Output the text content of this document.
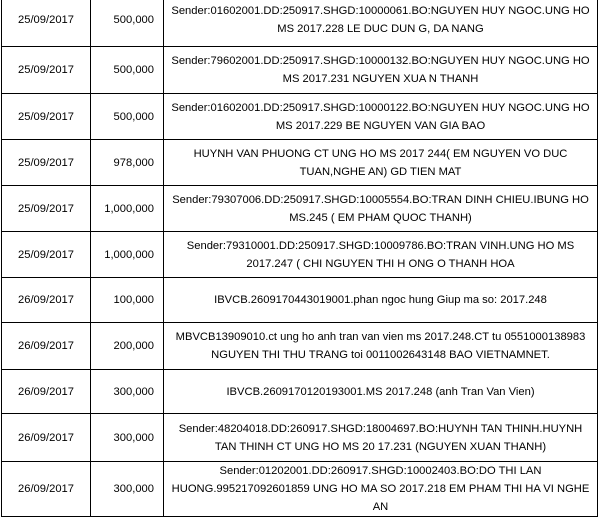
25/09/2017	500,000	Sender:01602001.DD:250917.SHGD:10000061.BO:NGUYEN HUY NGOC.UNG HO MS 2017.228 LE DUC DUN G, DA NANG
25/09/2017	500,000	Sender:79602001.DD:250917.SHGD:10000132.BO:NGUYEN HUY NGOC.UNG HO MS 2017.231 NGUYEN XUA N THANH
25/09/2017	500,000	Sender:01602001.DD:250917.SHGD:10000122.BO:NGUYEN HUY NGOC.UNG HO MS 2017.229 BE NGUYEN VAN GIA BAO
25/09/2017	978,000	HUYNH VAN PHUONG CT UNG HO MS 2017 244( EM NGUYEN VO DUC TUAN,NGHE AN) GD TIEN MAT
25/09/2017	1,000,000	Sender:79307006.DD:250917.SHGD:10005554.BO:TRAN DINH CHIEU.IBUNG HO MS.245 ( EM PHAM QUOC THANH)
25/09/2017	1,000,000	Sender:79310001.DD:250917.SHGD:10009786.BO:TRAN VINH.UNG HO MS 2017.247 ( CHI NGUYEN THI H ONG O THANH HOA
26/09/2017	100,000	IBVCB.2609170443019001.phan ngoc hung Giup ma so: 2017.248
26/09/2017	200,000	MBVCB13909010.ct ung ho anh tran van vien ms 2017.248.CT tu 0551000138983 NGUYEN THI THU TRANG toi 0011002643148 BAO VIETNAMNET.
26/09/2017	300,000	IBVCB.2609170120193001.MS 2017.248 (anh Tran Van Vien)
26/09/2017	300,000	Sender:48204018.DD:260917.SHGD:18004697.BO:HUYNH TAN THINH.HUYNH TAN THINH CT UNG HO MS 20 17.231 (NGUYEN XUAN THANH)
26/09/2017	300,000	Sender:01202001.DD:260917.SHGD:10002403.BO:DO THI LAN HUONG.995217092601859 UNG HO MA SO 2017.218 EM PHAM THI HA VI NGHE AN
